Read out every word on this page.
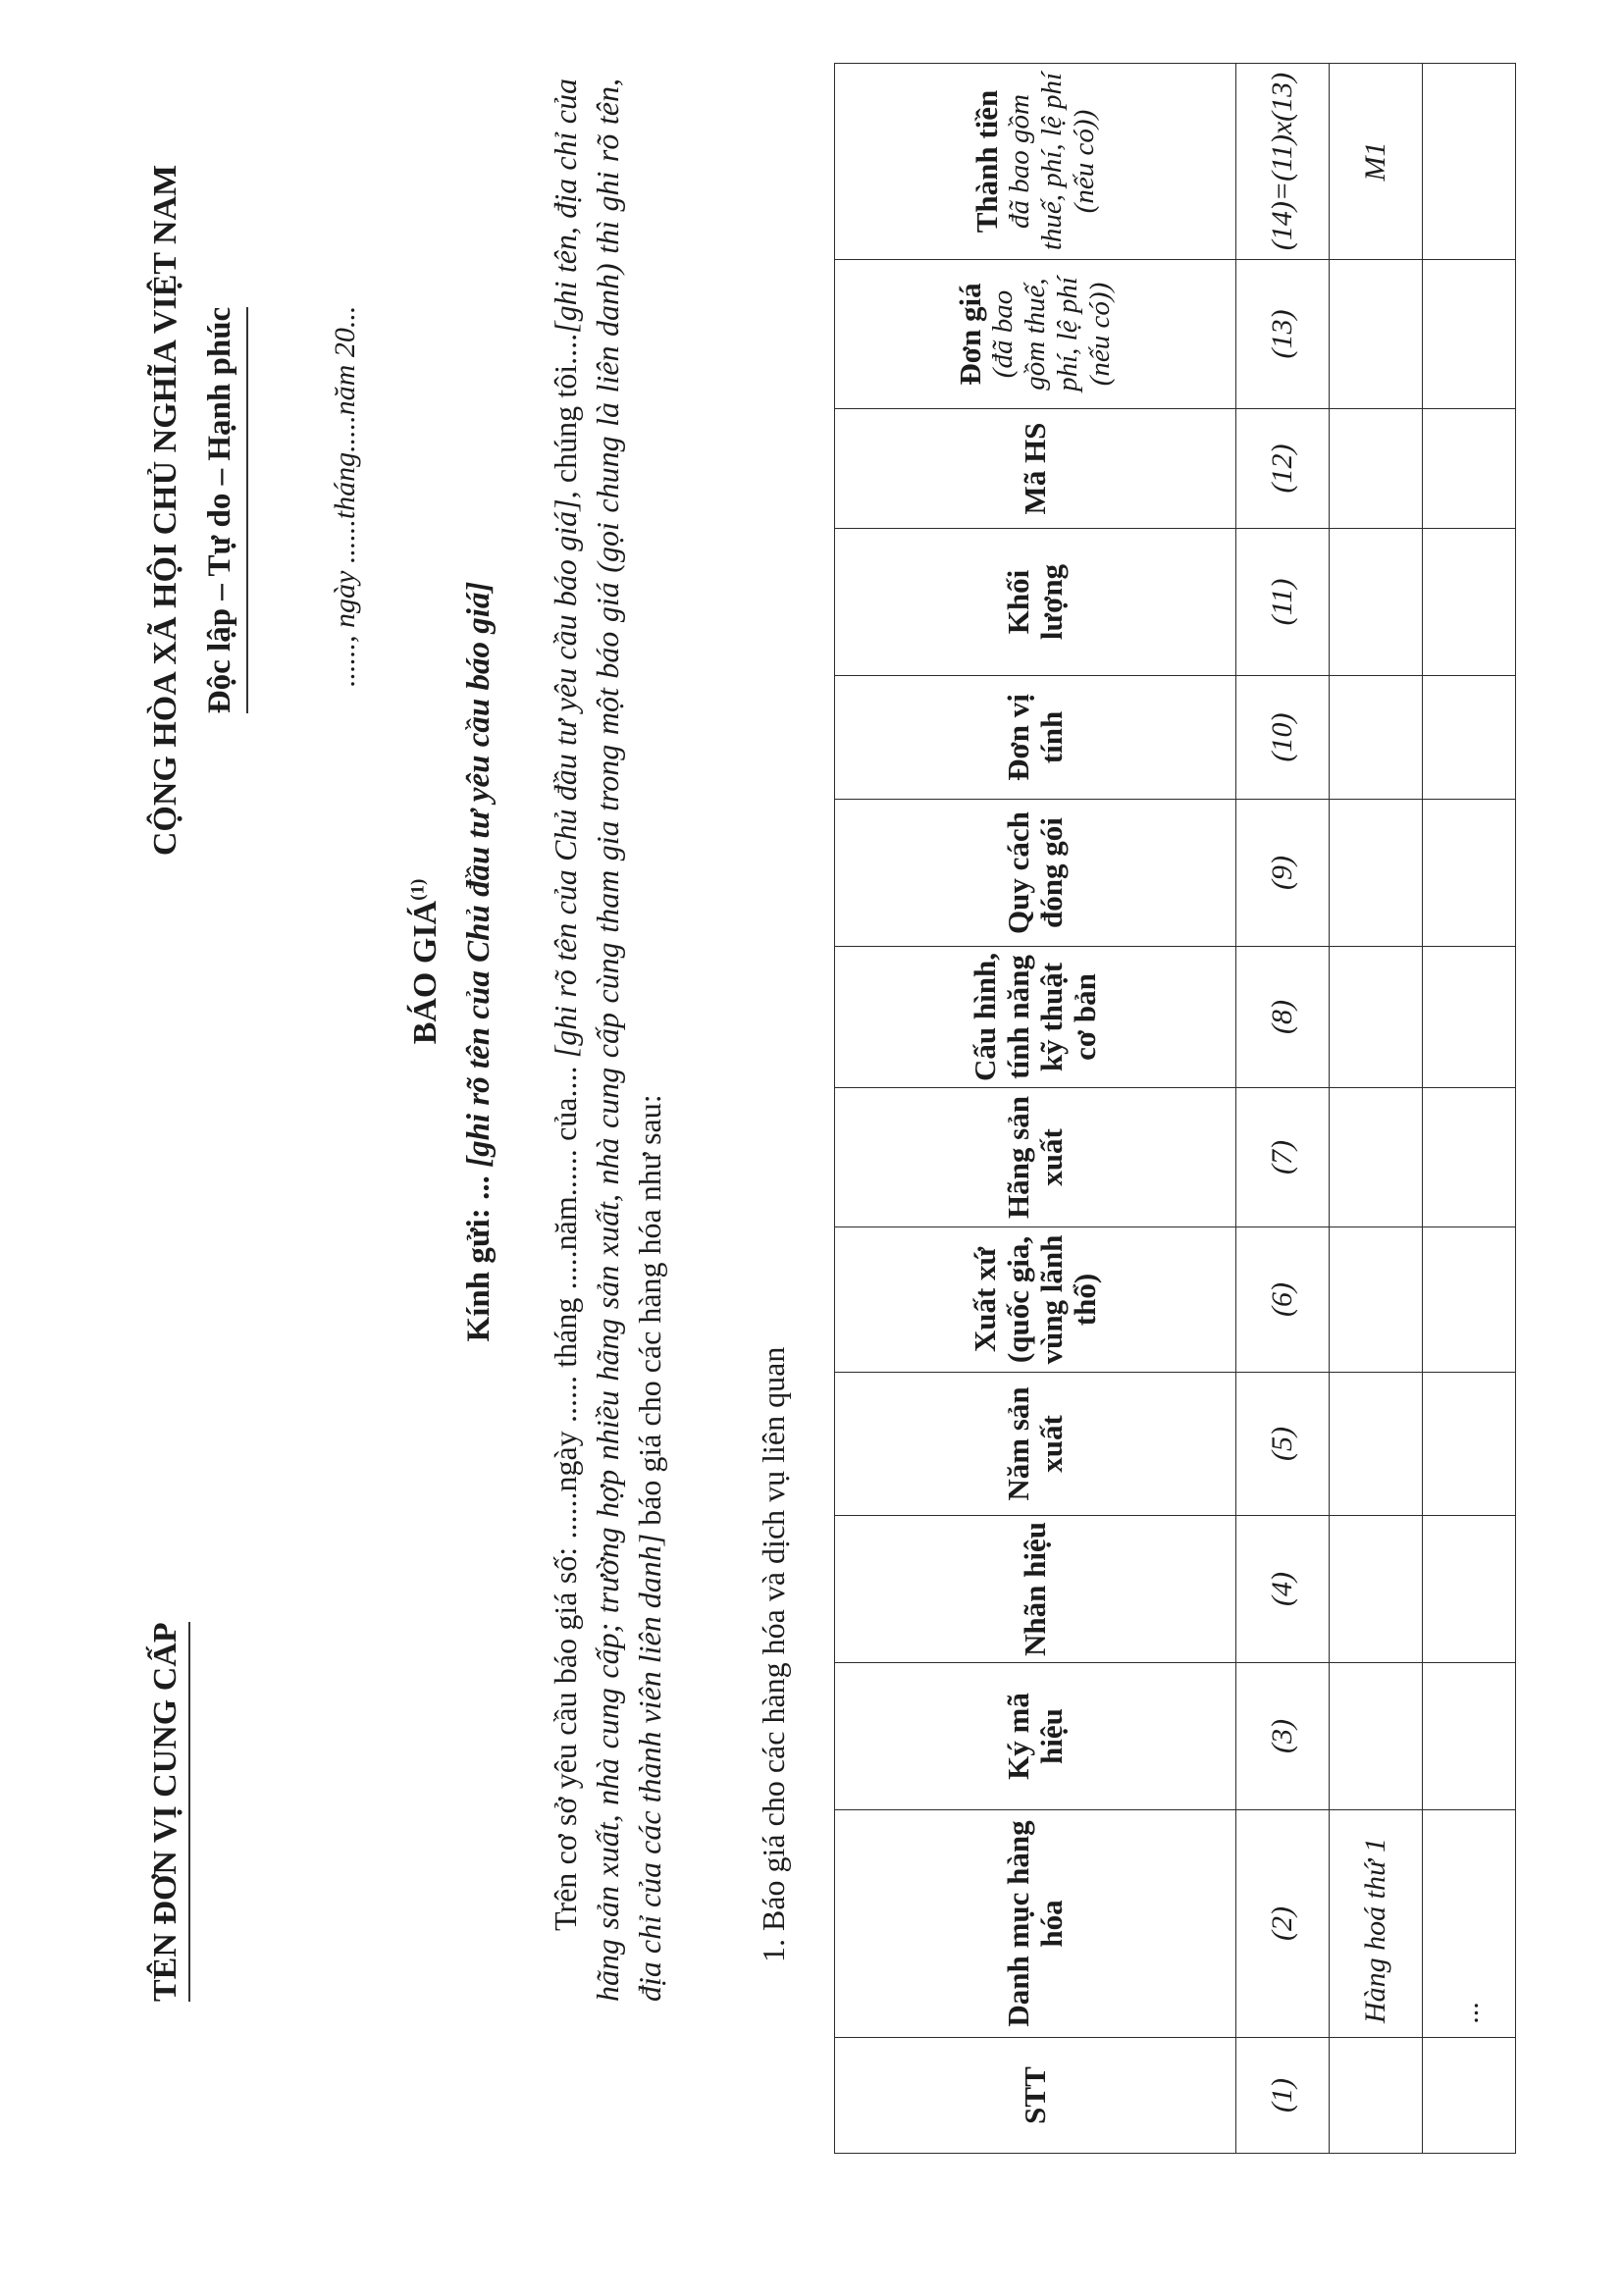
TÊN ĐƠN VỊ CUNG CẤP
CỘNG HÒA XÃ HỘI CHỦ NGHĨA VIỆT NAM Độc lập – Tự do – Hạnh phúc	......, ngày ......tháng.....năm 20...
BÁO GIÁ$^{(1)}$
Kính gửi: ... [ghi rõ tên của Chủ đầu tư yêu cầu báo giá]
Trên cơ sở yêu cầu báo giá số: ......ngày ...... tháng .....năm...... của.... [ghi rõ tên của Chủ đầu tư yêu cầu báo giá], chúng tôi....[ghi tên, địa chỉ của hãng sản xuất, nhà cung cấp; trường hợp nhiều hãng sản xuất, nhà cung cấp cùng tham gia trong một báo giá (gọi chung là liên danh) thì ghi rõ tên, địa chỉ của các thành viên liên danh] báo giá cho các hàng hóa như sau:
1. Báo giá cho các hàng hóa và dịch vụ liên quan
STT	Danh mục hàng hóa	Ký mã hiệu	Nhãn hiệu	Năm sản xuất	Xuất xứ (quốc gia, vùng lãnh thổ)	Hãng sản xuất	Cấu hình, tính năng kỹ thuật cơ bản	Quy cách đóng gói	Đơn vị tính	Khối lượng	Mã HS	Đơn giá (đã bao gồm thuế, phí, lệ phí (nếu có))	Thành tiền đã bao gồm thuế, phí, lệ phí (nếu có))

(1)	(2)	(3)	(4)	(5)	(6)	(7)	(8)	(9)	(10)	(11)	(12)	(13)	(14)=(11)x(13)
	Hàng hoá thứ 1												M1
	...												
